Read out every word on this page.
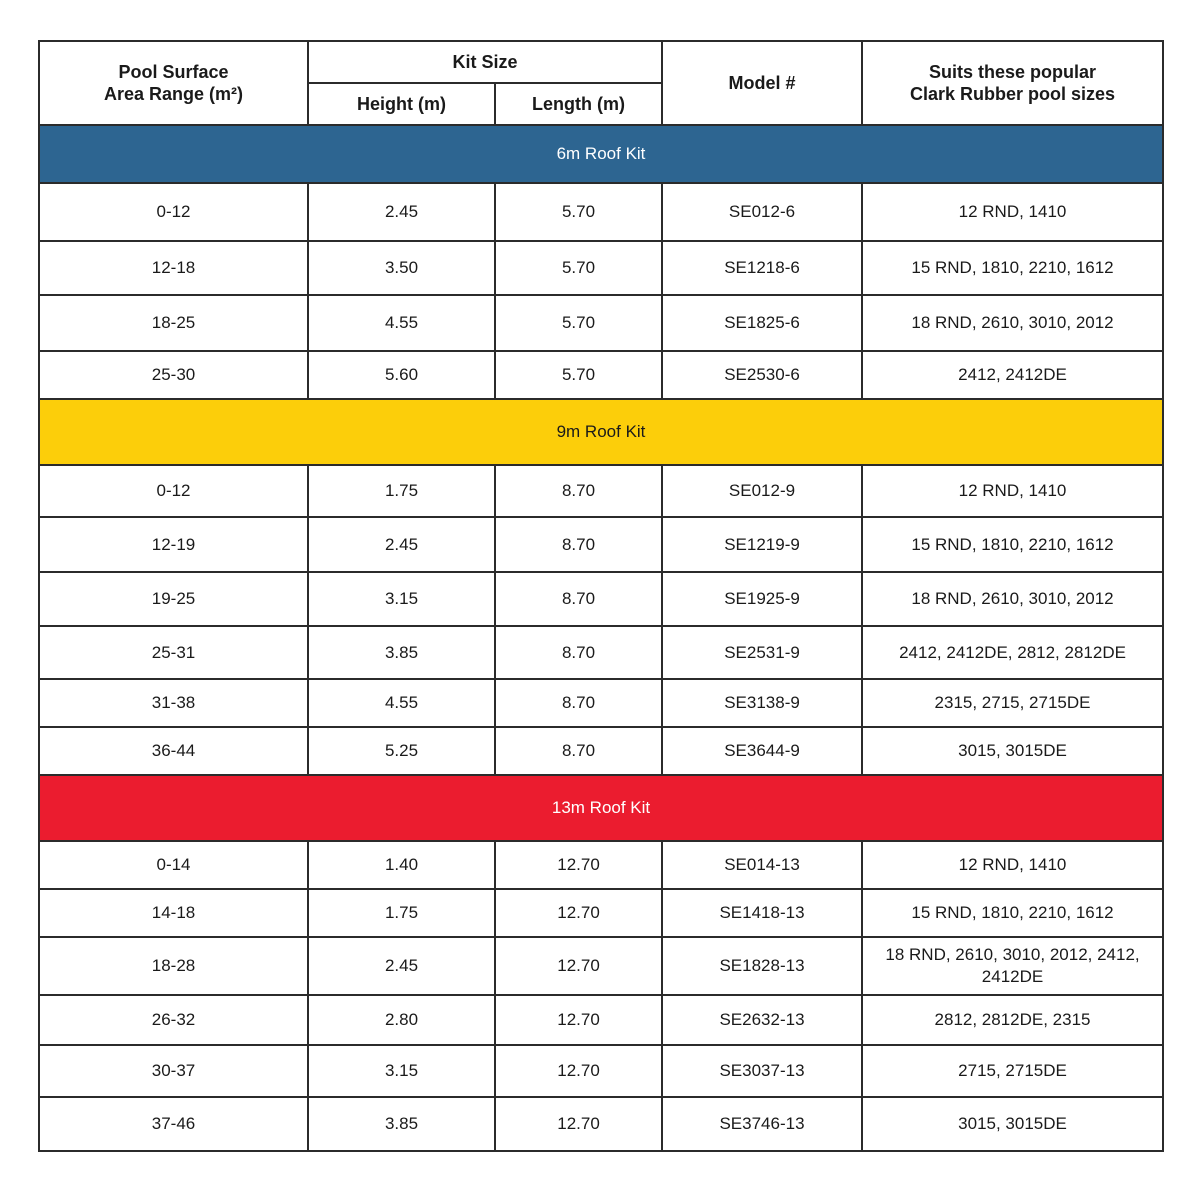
Pool Surface
Area Range (m²)	Kit Size		Model #	Suits these popular
Clark Rubber pool sizes
	Height (m)	Length (m)		
6m Roof Kit				
0-12	2.45	5.70	SE012-6	12 RND, 1410
12-18	3.50	5.70	SE1218-6	15 RND, 1810, 2210, 1612
18-25	4.55	5.70	SE1825-6	18 RND, 2610, 3010, 2012
25-30	5.60	5.70	SE2530-6	2412, 2412DE
9m Roof Kit				
0-12	1.75	8.70	SE012-9	12 RND, 1410
12-19	2.45	8.70	SE1219-9	15 RND, 1810, 2210, 1612
19-25	3.15	8.70	SE1925-9	18 RND, 2610, 3010, 2012
25-31	3.85	8.70	SE2531-9	2412, 2412DE, 2812, 2812DE
31-38	4.55	8.70	SE3138-9	2315, 2715, 2715DE
36-44	5.25	8.70	SE3644-9	3015, 3015DE
13m Roof Kit				
0-14	1.40	12.70	SE014-13	12 RND, 1410
14-18	1.75	12.70	SE1418-13	15 RND, 1810, 2210, 1612
18-28	2.45	12.70	SE1828-13	18 RND, 2610, 3010, 2012, 2412, 2412DE
26-32	2.80	12.70	SE2632-13	2812, 2812DE, 2315
30-37	3.15	12.70	SE3037-13	2715, 2715DE
37-46	3.85	12.70	SE3746-13	3015, 3015DE
